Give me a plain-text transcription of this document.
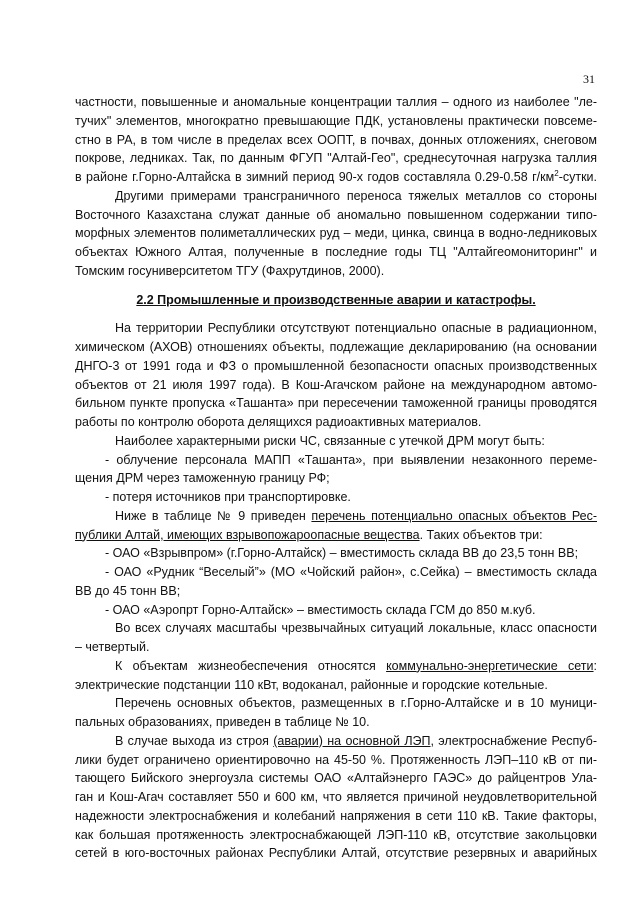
31
частности, повышенные и аномальные концентрации таллия – одного из наиболее "ле-
тучих" элементов, многократно превышающие ПДК, установлены практически повсеме-
стно в РА, в том числе в пределах всех ООПТ, в почвах, донных отложениях, снеговом
покрове, ледниках. Так, по данным ФГУП "Алтай-Гео", среднесуточная нагрузка таллия
в районе г.Горно-Алтайска в зимний период 90-х годов составляла 0.29-0.58 $г/км^2$-сутки.
Другими примерами трансграничного переноса тяжелых металлов со стороны
Восточного Казахстана служат данные об аномально повышенном содержании типо-
морфных элементов полиметаллических руд – меди, цинка, свинца в водно-ледниковых
объектах Южного Алтая, полученные в последние годы ТЦ "Алтайгеомониторинг" и
Томским госуниверситетом ТГУ (Фахрутдинов, 2000).
2.2 Промышленные и производственные аварии и катастрофы.
На территории Республики отсутствуют потенциально опасные в радиационном,
химическом (АХОВ) отношениях объекты, подлежащие декларированию (на основании
ДНГО-3 от 1991 года и ФЗ о промышленной безопасности опасных производственных
объектов от 21 июля 1997 года). В Кош-Агачском районе на международном автомо-
бильном пункте пропуска «Ташанта» при пересечении таможенной границы проводятся
работы по контролю оборота делящихся радиоактивных материалов.
Наиболее характерными риски ЧС, связанные с утечкой ДРМ могут быть:
- облучение персонала МАПП «Ташанта», при выявлении незаконного переме-
щения ДРМ через таможенную границу РФ;
- потеря источников при транспортировке.
Ниже в таблице № 9 приведен перечень потенциально опасных объектов Рес-
публики Алтай, имеющих взрывопожароопасные вещества. Таких объектов три:
- ОАО «Взрывпром» (г.Горно-Алтайск) – вместимость склада ВВ до 23,5 тонн ВВ;
- ОАО «Рудник “Веселый”» (МО «Чойский район», с.Сейка) – вместимость склада
ВВ до 45 тонн ВВ;
- ОАО «Аэропрт Горно-Алтайск» – вместимость склада ГСМ до 850 м.куб.
Во всех случаях масштабы чрезвычайных ситуаций локальные, класс опасности
– четвертый.
К объектам жизнеобеспечения относятся коммунально-энергетические сети:
электрические подстанции 110 кВт, водоканал, районные и городские котельные.
Перечень основных объектов, размещенных в г.Горно-Алтайске и в 10 муници-
пальных образованиях, приведен в таблице № 10.
В случае выхода из строя (аварии) на основной ЛЭП, электроснабжение Респуб-
лики будет ограничено ориентировочно на 45-50 %. Протяженность ЛЭП–110 кВ от пи-
тающего Бийского энергоузла системы ОАО «Алтайэнерго ГАЭС» до райцентров Ула-
ган и Кош-Агач составляет 550 и 600 км, что является причиной неудовлетворительной
надежности электроснабжения и колебаний напряжения в сети 110 кВ. Такие факторы,
как большая протяженность электроснабжающей ЛЭП-110 кВ, отсутствие закольцовки
сетей в юго-восточных районах Республики Алтай, отсутствие резервных и аварийных
